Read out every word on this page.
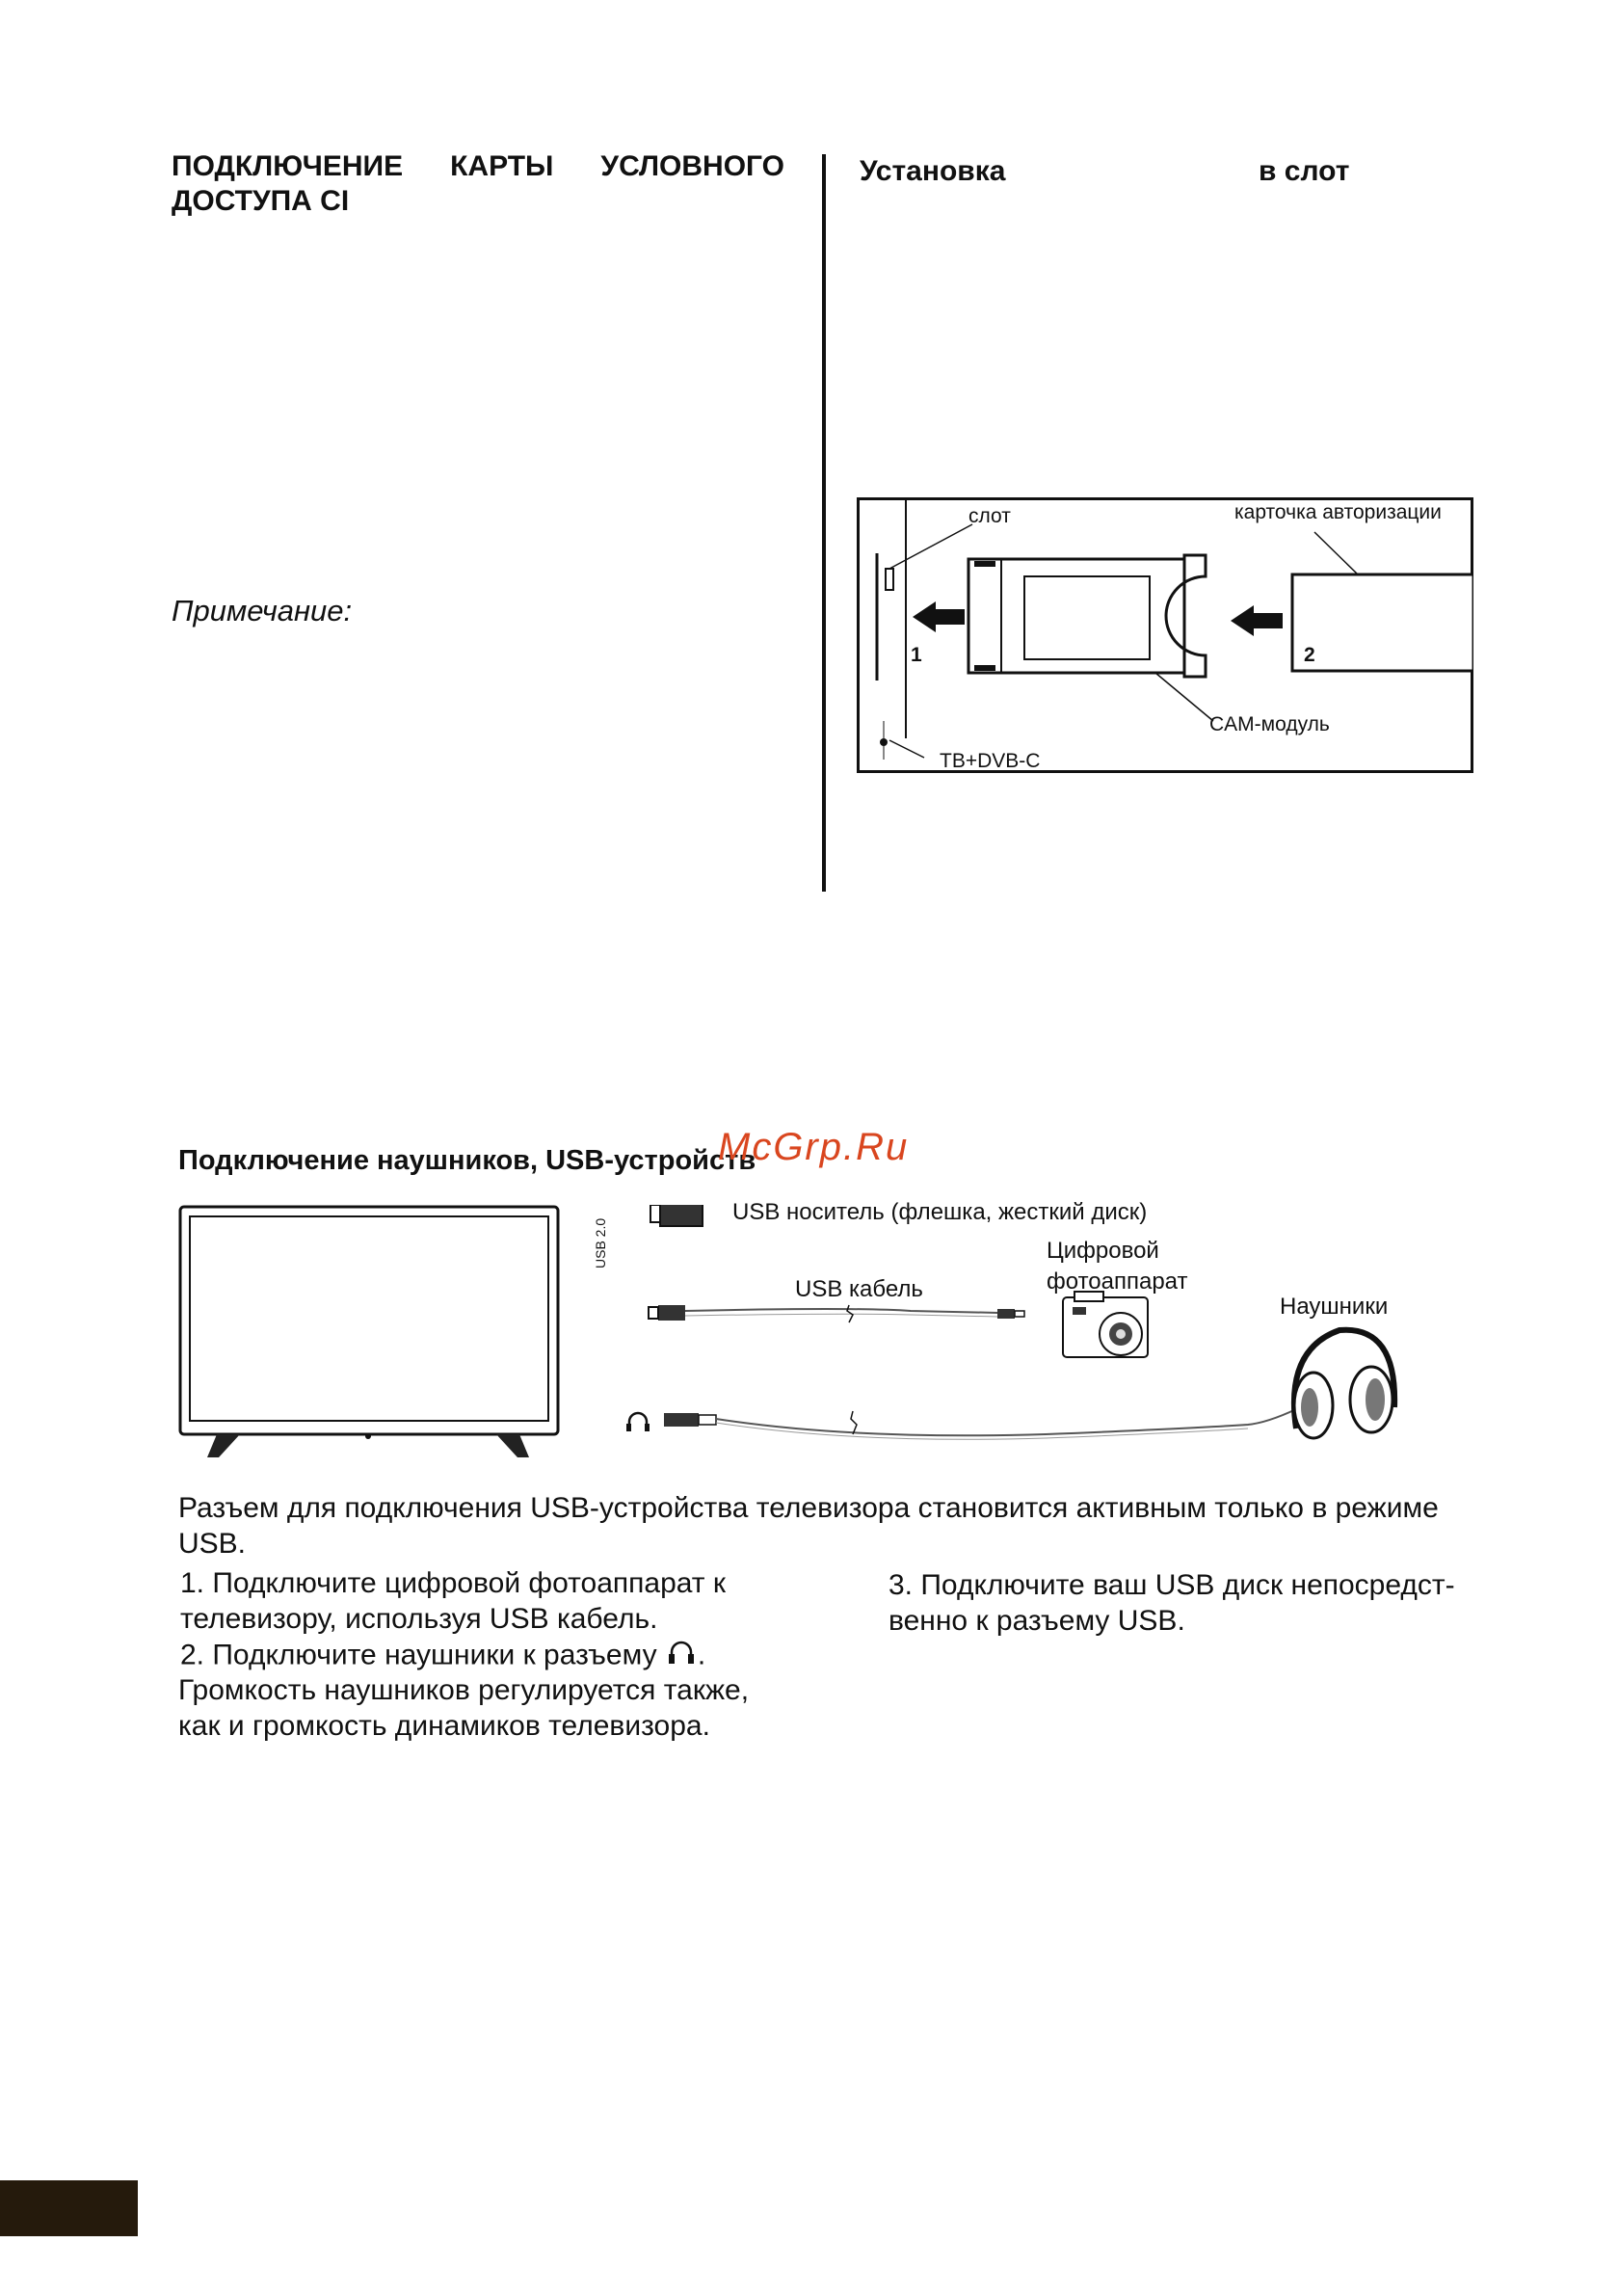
ПОДКЛЮЧЕНИЕ КАРТЫ УСЛОВНОГО
ДОСТУПА CI
Установка	в слот
Примечание:
слот	карточка авторизации
CAM-модуль
ТВ+DVB-C
1	2
Подключение наушников, USB-устройств
McGrp.Ru
USB носитель (флешка, жесткий диск)
USB 2.0
USB кабель
Цифровой
фотоаппарат
Наушники
Разъем для подключения USB-устройства телевизора становится активным только в режиме
USB.
1. Подключите цифровой фотоаппарат к
телевизору, используя USB кабель.
2. Подключите наушники к разъему .
Громкость наушников регулируется также,
как и громкость динамиков телевизора.
3. Подключите ваш USB диск непосредст-
венно к разъему USB.
